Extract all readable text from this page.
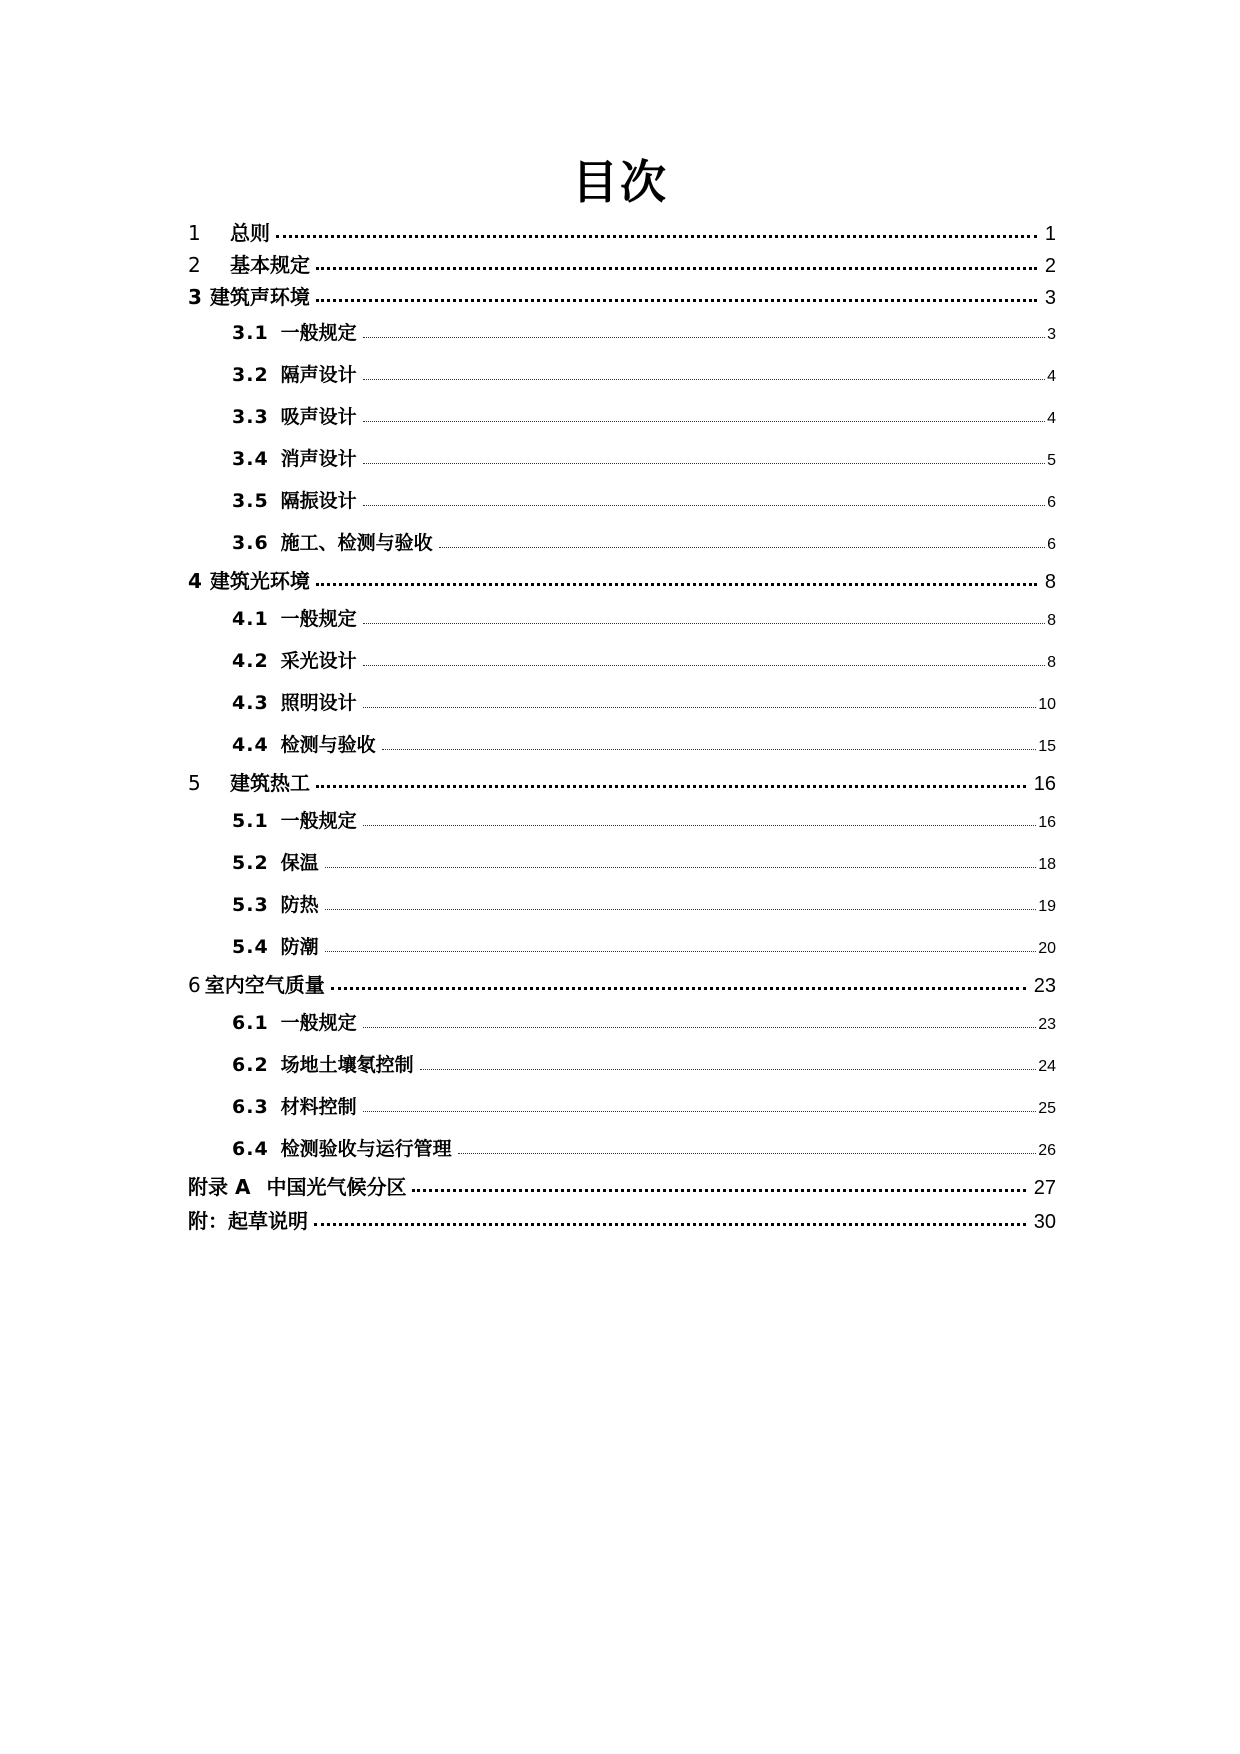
目次
1	总则	1
2	基本规定	2
3 建筑声环境	3
3.1 一般规定	3
3.2 隔声设计	4
3.3 吸声设计	4
3.4 消声设计	5
3.5 隔振设计	6
3.6 施工、检测与验收	6
4 建筑光环境	8
4.1 一般规定	8
4.2 采光设计	8
4.3 照明设计	10
4.4 检测与验收	15
5	建筑热工	16
5.1 一般规定	16
5.2 保温	18
5.3 防热	19
5.4 防潮	20
6 室内空气质量	23
6.1 一般规定	23
6.2 场地土壤氡控制	24
6.3 材料控制	25
6.4 检测验收与运行管理	26
附录 A 中国光气候分区	27
附：起草说明	30
